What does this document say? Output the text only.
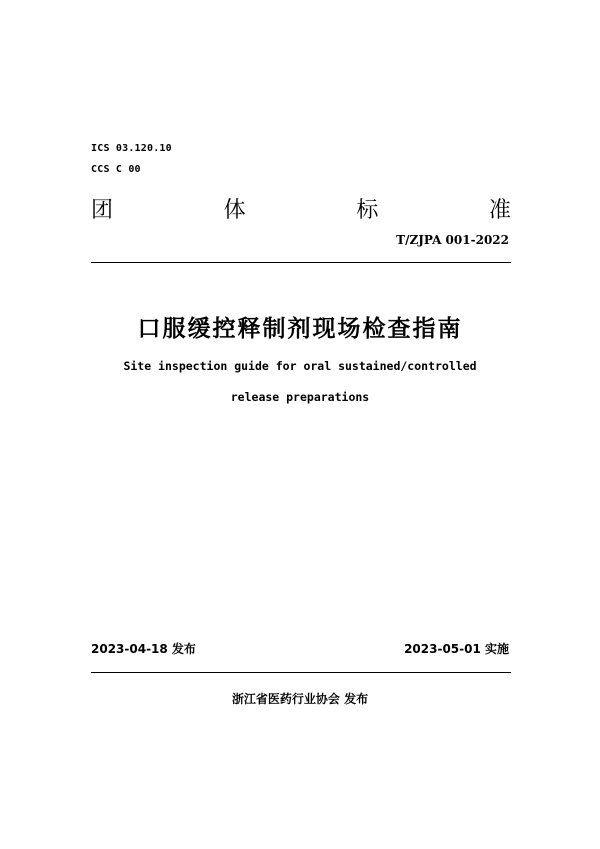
ICS 03.120.10
CCS C 00
团	体	标	准
T/ZJPA 001-2022
口服缓控释制剂现场检查指南
Site inspection guide for oral sustained/controlled
release preparations
2023-04-18 发布	2023-05-01 实施
浙江省医药行业协会 发布
